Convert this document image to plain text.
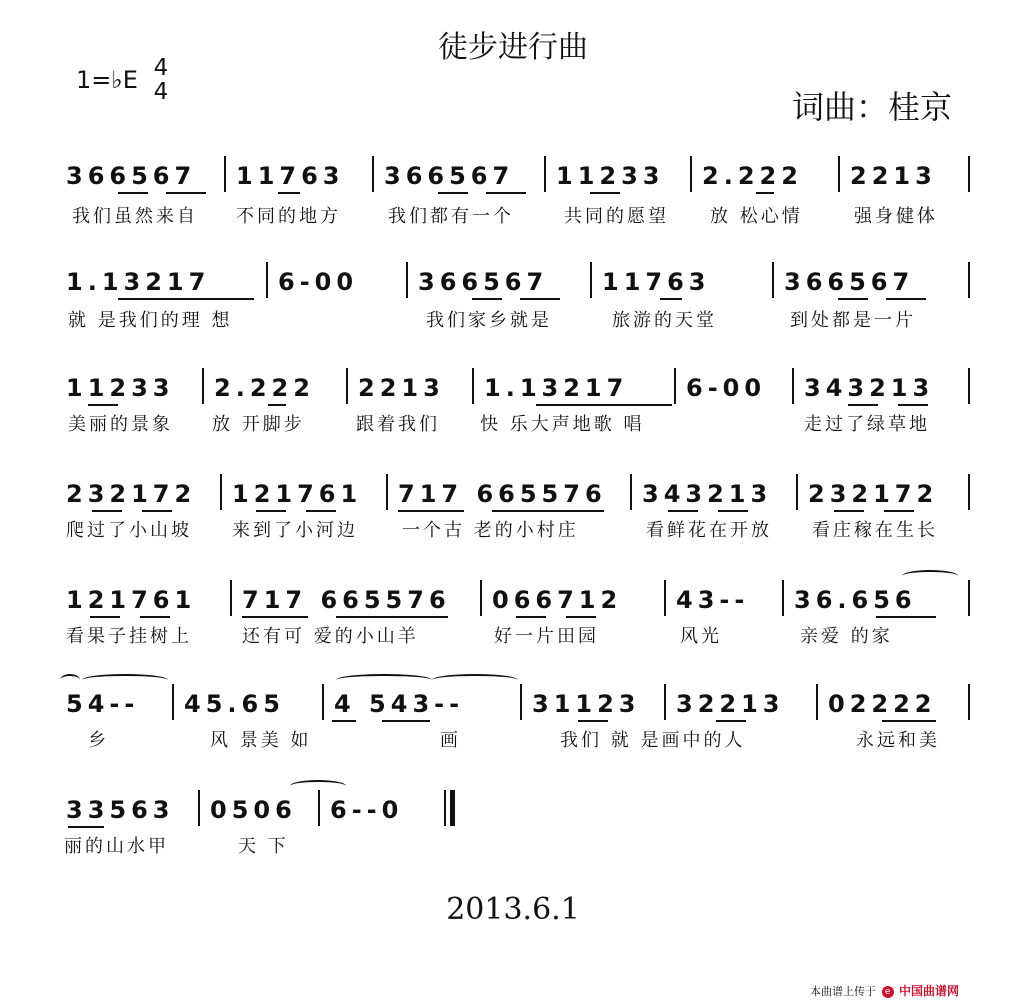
徒步进行曲
1=♭E 4
4	词曲：桂京
366567 11763 366567 11233 2.222 2213
我们虽然来自 不同的地方	我们都有一个	共同的愿望 放 松心情	强身健体
1.13217	6-00 366567 11763	366567
就 是我们的理 想	我们家乡就是	旅游的天堂	到处都是一片
11233 2.222 2213 1.13217 6-00 343213
美丽的景象 放 开脚步	跟着我们 快 乐大声地歌 唱	走过了绿草地
232172 121761 717 665576 343213 232172
爬过了小山坡 来到了小河边 一个古 老的小村庄	看鲜花在开放 看庄稼在生长
121761 717 665576 066712 43-- 36.656
看果子挂树上	还有可 爱的小山羊	好一片田园	风光	亲爱 的家
54-- 45.65 4 543--	31123 32213 02222
乡	风 景美 如	画	我们 就 是画中的人	永远和美
33563 0506 6--0
丽的山水甲	天 下
2013.6.1
本曲谱上传于 e 中国曲谱网
